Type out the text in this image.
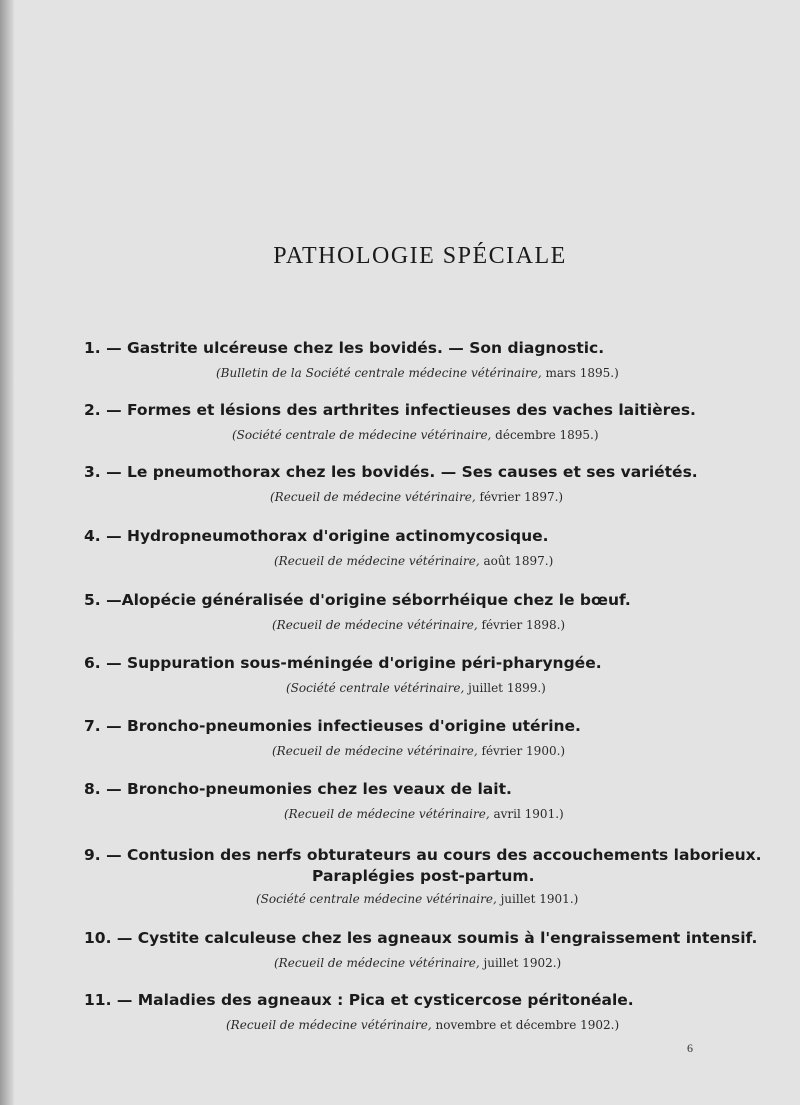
PATHOLOGIE SPÉCIALE
1. — Gastrite ulcéreuse chez les bovidés. — Son diagnostic.
(Bulletin de la Société centrale médecine vétérinaire, mars 1895.)
2. — Formes et lésions des arthrites infectieuses des vaches laitières.
(Société centrale de médecine vétérinaire, décembre 1895.)
3. — Le pneumothorax chez les bovidés. — Ses causes et ses variétés.
(Recueil de médecine vétérinaire, février 1897.)
4. — Hydropneumothorax d'origine actinomycosique.
(Recueil de médecine vétérinaire, août 1897.)
5. —Alopécie généralisée d'origine séborrhéique chez le bœuf.
(Recueil de médecine vétérinaire, février 1898.)
6. — Suppuration sous-méningée d'origine péri-pharyngée.
(Société centrale vétérinaire, juillet 1899.)
7. — Broncho-pneumonies infectieuses d'origine utérine.
(Recueil de médecine vétérinaire, février 1900.)
8. — Broncho-pneumonies chez les veaux de lait.
(Recueil de médecine vétérinaire, avril 1901.)
9. — Contusion des nerfs obturateurs au cours des accouchements laborieux.
Paraplégies post-partum.
(Société centrale médecine vétérinaire, juillet 1901.)
10. — Cystite calculeuse chez les agneaux soumis à l'engraissement intensif.
(Recueil de médecine vétérinaire, juillet 1902.)
11. — Maladies des agneaux : Pica et cysticercose péritonéale.
(Recueil de médecine vétérinaire, novembre et décembre 1902.)
6
